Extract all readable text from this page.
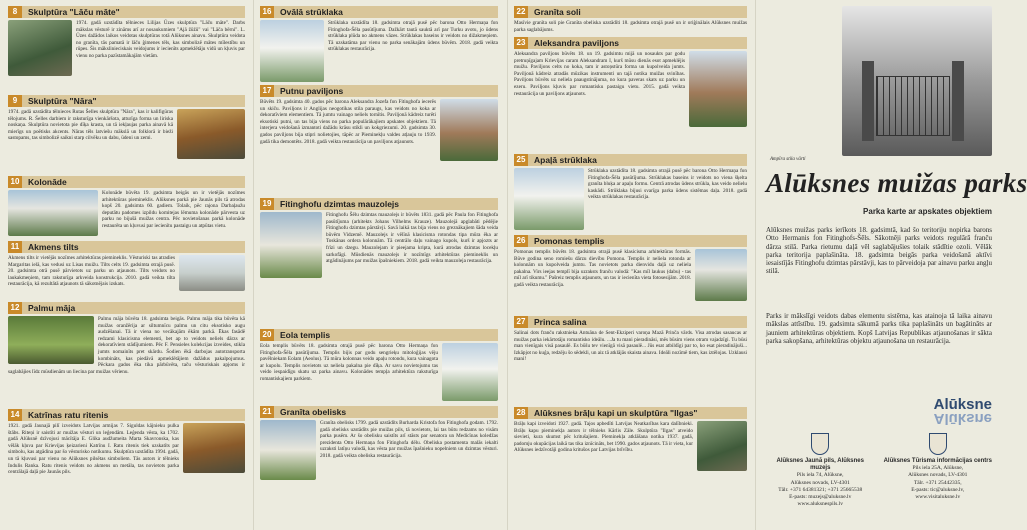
8	Skulptūra "Lāču māte"

1974. gadā uzstādīta tēlnieces Lilijas Ūzes skulptūra "Lāču māte". Darbs mākslas vēsturē ir zināms arī ar nosaukumiem "Ajā žūžū" vai "Lāča bērni". L. Ūzes dažādos laikos veidotas skulptūras rotā Alūksnes ainavu. Skulptūra veidota no granīta, tās pamatā ir lāču ģimenes tēls, kas simbolizē mātes mīlestību un rūpes. Šis mākslinieciskais veidojums ir iecienīts apmeklētāju vidū un kļuvis par vienu no parka pazīstamākajām vietām.

9	Skulptūra "Nāra"

1974. gadā uzstādīta tēlnieces Rutas Šelles skulptūra "Nāra", kas ir kalifigūras tēlojums. R. Šelles darbiem ir raksturīga vienkāršota, atturīga forma un liriska noskaņa. Skulptūra novietota pie dīķa krasta, un tā iekļaujas parka ainavā kā mierīgs un poētisks akcents. Nāras tēls latviešu mākslā un folklorā ir bieži sastopams, tas simbolizē saikni starp cilvēku un dabu, ūdeni un zemi.

10	Kolonāde

Kolonāde būvēta 19. gadsimta beigās un ir vietējās nozīmes arhitektūras piemineklis. Alūksnes parkā pie Jaunās pils tā atrodas kopš 20. gadsimta 60. gadiem. Tolaik, pēc rajona Darbaļaužu deputātu padomes izpildu komitejas lēmuma kolonāde pārvesta uz parku no bijušā muižas centra. Pēc novietošanas parkā kolonāde restaurēta un kļuvusi par iecienītu pastaigu un atpūtas vietu.

11	Akmens tilts

Akmens tilts ir vietējās nozīmes arhitektūras piemineklis. Vēsturiski tas atradies Margaritas ielā, kas vedusi uz Lisas muižu. Tilts celts 19. gadsimta otrajā pusē. 20. gadsimta otrā pusē pārvietots uz parku un atjaunots. Tilts veidots no laukakmeņiem, tam raksturīga arkveida konstrukcija. 2010. gadā veikta tilta restaurācija, kā rezultātā atjaunots tā sākotnējais izskats.

12	Palmu māja

Palmu māja būvēta 18. gadsimta beigās. Palmu māja tika būvēta kā muižas oranžērija ar siltumnīcu palmu un citu eksotisko augu audzēšanai. Tā ir viena no vecākajām ēkām parkā. Ēkas fasādē redzami klasicisma elementi, bet ap to veidots neliels dārzs ar dekoratīviem stādījumiem. Pēc F. Pensieles kolekcijas izveides, stikla jumts nomainīts pret skārdu. Šodien ēkā darbojas autotransporta kombināts, kas piedāvā apmeklētājiem dažādus pakalpojumus. Pēckara gados ēka tika pārbūvēta, taču vēsturiskais apjoms ir saglabājies līdz mūsdienām un liecina par muižas vērienu.

14	Katrīnas ratu ritenis

1921. gadā Jaunajā pilī izveidots Latvijas armijas 7. Siguldas kājnieku pulka štābs. Riteņi ir saistīti ar muižas vēsturi un leģendām. Leģenda vēsta, ka 1702. gadā Alūksnē dzīvojusi mācītāja E. Glika audžumeita Marta Skavronska, kas vēlāk kļuva par Krievijas ķeizarieni Katrīnu I. Ratu ritenis tiek uzskatīts par simbolu, kas atgādina par šo vēsturisko notikumu. Skulptūra uzstādīta 1994. gadā, un tā kļuvusi par vienu no Alūksnes pilsētas simboliem. Tās autors ir tēlnieks Indulis Ranka. Ratu ritenis veidots no akmens un metāla, tas novietots parka centrālajā daļā pie Jaunās pils.

16	Ovālā strūklaka

Strūklaka uzstādīta 18. gadsimta otrajā pusē pēc barona Otto Hermaņa fon Fitinghofa-Šēla pasūtījuma. Dažkārt tautā sauktā arī par Turku avotu, jo ūdens strūklaka plūda no akmens vāzes. Strūklakas baseins ir veidots no dižakmeņiem. Tā uzskatāma par vienu no parka senākajām ūdens būvēm. 2018. gadā veikta strūklakas restaurācija.

17	Putnu paviljons

Būvēts 19. gadsimta 40. gados pēc barona Aleksandra Jozefa fon Fitinghofa iecerēs un skiču. Paviljons ir Anglijas neogotikas stila paraugs, kas veidots no koka ar dekoratīviem elementiem. Tā jumtu vainago neliels tornītis. Paviljonā kādreiz turēti eksotiski putni, un tas bija viens no parka populārākajiem apskates objektiem. Tā interjera veidošanā izmantoti dažādu krāsu stikli un kokgriezumi. 20. gadsimta 30. gados paviljons bija stipri nolietojies, tāpēc ar Pieminekļu valdes atļauju to 1939. gadā tika demontēts. 2018. gadā veikta restaurācija un paviljons atjaunots.

19	Fitinghofu dzimtas mauzolejs

Fitinghofu Šēlu dzimtas mauzolejs ir būvēts 1831. gadā pēc Paula fon Fitinghofa pasūtījuma (arhitekts Johans Vilhelms Krauze). Mauzolejā apglabāti pēdējie Fitinghofu dzimtas pārstāvji. Savā laikā tas bija viens no greznākajiem šāda veida būvēm Vidzemē. Mauzolejs ir vēlīnā klasicisma rotondas tipa mūra ēka ar Toskānas ordera kolonnām. Tā centrālo daļu vainago kupols, kurš ir apjozts ar frīzi un dzegu. Mauzolejam ir pieejama kripta, kurā atrodas dzimtas locekļu sarkofāgi. Mūsdienās mauzolejs ir nozīmīgs arhitektūras piemineklis un atgādinājums par muižas īpašniekiem. 2018. gadā veikta mauzoleja restaurācija.

20	Eola templis

Eola templis būvēts 18. gadsimta otrajā pusē pēc barona Otto Hermaņa fon Fitinghofa-Šēla pasūtījuma. Templis bijis par godu sengrieķu mitoloģijas vēju pavēlniekam Eolam (Aeolus). Tā mūra kolonnas veido apaļu rotondu, kura vainagota ar kupolu. Templis novietots uz neliela pakalna pie dīķa. Ar savu novietojumu tas veido iespaidīgu skatu uz parka ainavu. Kolonādes tempļa arhitektūra raksturīga romantiskajiem parkiem.

21	Granīta obelisks

Granīta obelisks 1799. gadā uzstādīts Burharda Kristofa fon Fitinghofa godam. 1792. gadā obelisks uzstādīts pie muižas pils, tā novietots, lai tas būtu redzams no visām parka pusēm. Ar šo obelisku saistīts arī stāsts par senatora un Medicīnas koledžas prezidenta Otto Hermaņa fon Fitinghofa dēlu. Obeliska postamenta malās iekalti uzraksti latīņu valodā, kas vēsta par muižas īpašnieku nopelniem un dzimtas vēsturi. 2018. gadā veikta obeliska restaurācija.

22	Granīta soli

Masīvie granīta soli pie Granīta obeliska uzstādīti 18. gadsimta otrajā pusē un ir oriģinālais Alūksnes muižas parka saglabājums.

23	Aleksandra paviljons

Aleksandra paviljons būvēts 18. un 19. gadsimtu mijā un nosaukts par godu pretruņīgajam Krievijas caram Aleksandram I, kurš mūsu dienās esot apmeklējis muižu. Paviljons celts no koka, tam ir astoņstūra forma un kupolveida jumts. Paviljonā kādreiz atradās mūzikas instrumenti un tajā notika muižas svinības. Paviljons būvēts uz neliela paaugstinājuma, no kura paveras skats uz parku un ezeru. Paviljons kļuvis par romantisku pastaigu vietu. 2015. gadā veikta restaurācija un paviljons atjaunots.

25	Apaļā strūklaka

Strūklaka uzstādīta 18. gadsimta otrajā pusē pēc barona Otto Hermaņa fon Fitinghofa-Šēla pasūtījuma. Strūklakas baseins ir veidots no viena šķelta granīta bluķa ar apaļu formu. Centrā atrodas ūdens strūkla, kas veido nelielu kaskādi. Strūklaka bijusi svarīga parka ūdens sistēmas daļa. 2018. gadā veikta strūklakas restaurācija.

26	Pomonas templis

Pomonas templis būvēts 18. gadsimta otrajā pusē klasicisma arhitektūras formās. Būve godina seno romiešu dārzu dievību Pomonu. Templis ir neliela rotonda ar kolonnām un kupolveida jumtu. Tas novietots parka dienvidu daļā uz neliela pakalna. Virs ieejas templī bija uzraksts franču valodā: "Kas mīl laukus (dabu) - tas mīl arī tikumu." Pašreiz templis atjaunots, un tas ir iecienīta vieta fotosesijām. 2018. gadā veikta restaurācija.

27	Princa salina

Salinai dots franču rakstnieka Antuāna de Sent-Ekziperi varoņa Mazā Prinča vārds. Visa atrodas sasaucas ar muižas parka iekārtotāju romantisko ideālu. ...Ja tu mani pieradināsi, mēs būsim viens otram vajadzīgi. Tu būsi man vienīgais visā pasaulē. Es būšu tev vienīgā visā pasaulē... Jūs esat atbildīgi par to, ko esat pieradinājuši... Izkāpjot no kuģa, redzēju šo sēdekli, un aiz tā atklājās skaista ainava. Ideāli nozīmē tiem, kas iztēlojas. Uzklausi mani!

28	Alūksnes brāļu kapi un skulptūra "Ilgas"

Brāļu kapi izveidoti 1927. gadā. Tajos apbedīti Latvijas Neatkarības kara dalībnieki. Brāļu kapu pieminekļa autors ir tēlnieks Kārlis Zāle. Skulptūra "Ilgas" atveido sievieti, kura skumst pēc kritušajiem. Pieminekļa atklāšana notika 1937. gadā, padomju okupācijas laikā tas tika iznīcināts, bet 1990. gados atjaunots. Tā ir vieta, kur Alūksnes iedzīvotāji godina kritušos par Latvijas brīvību.

Ampīra stila vārti
Alūksnes muižas parks
Parka karte ar apskates objektiem

Alūksnes muižas parks ierīkots 18. gadsimtā, kad šo teritoriju nopirka barons Otto Hermanis fon Fitinghofs-Šēls. Sākotnēji parks veidots regulārā franču dārza stilā. Parka rietumu daļā vēl saglabājušies tolaik stādītie ozoli. Vēlāk parka teritorija paplašināta. 18. gadsimta beigās parka veidošanā aktīvi iesaistījās Fitinghofu dzimtas pārstāvji, kas to pārveidoja par ainavu parku angļu stilā.

Parks ir mākslīgi veidots dabas elementu sistēma, kas atainoja tā laika ainavu mākslas attīstību. 19. gadsimta sākumā parks tika paplašināts un bagātināts ar jauniem arhitektūras objektiem. Kopš Latvijas Republikas atjaunošanas ir sākta parka sakopšana, arhitektūras objektu atjaunošana un restaurācija.

Alūksne
Alūksne
Alūksnes Jaunā pils, Alūksnes muzejs
Pils iela 74, Alūksne,
Alūksnes novads, LV-4301
Tālr. +371 64381321; +371 25665538
E-pasts: muzejs@aluksne.lv
www.aluksnespils.lv
Alūksnes Tūrisma informācijas centrs
Pils iela 25A, Alūksne,
Alūksnes novads, LV-4301
Tālr. +371 25442335,
E-pasts: tic@aluksne.lv,
www.visitaluksne.lv
